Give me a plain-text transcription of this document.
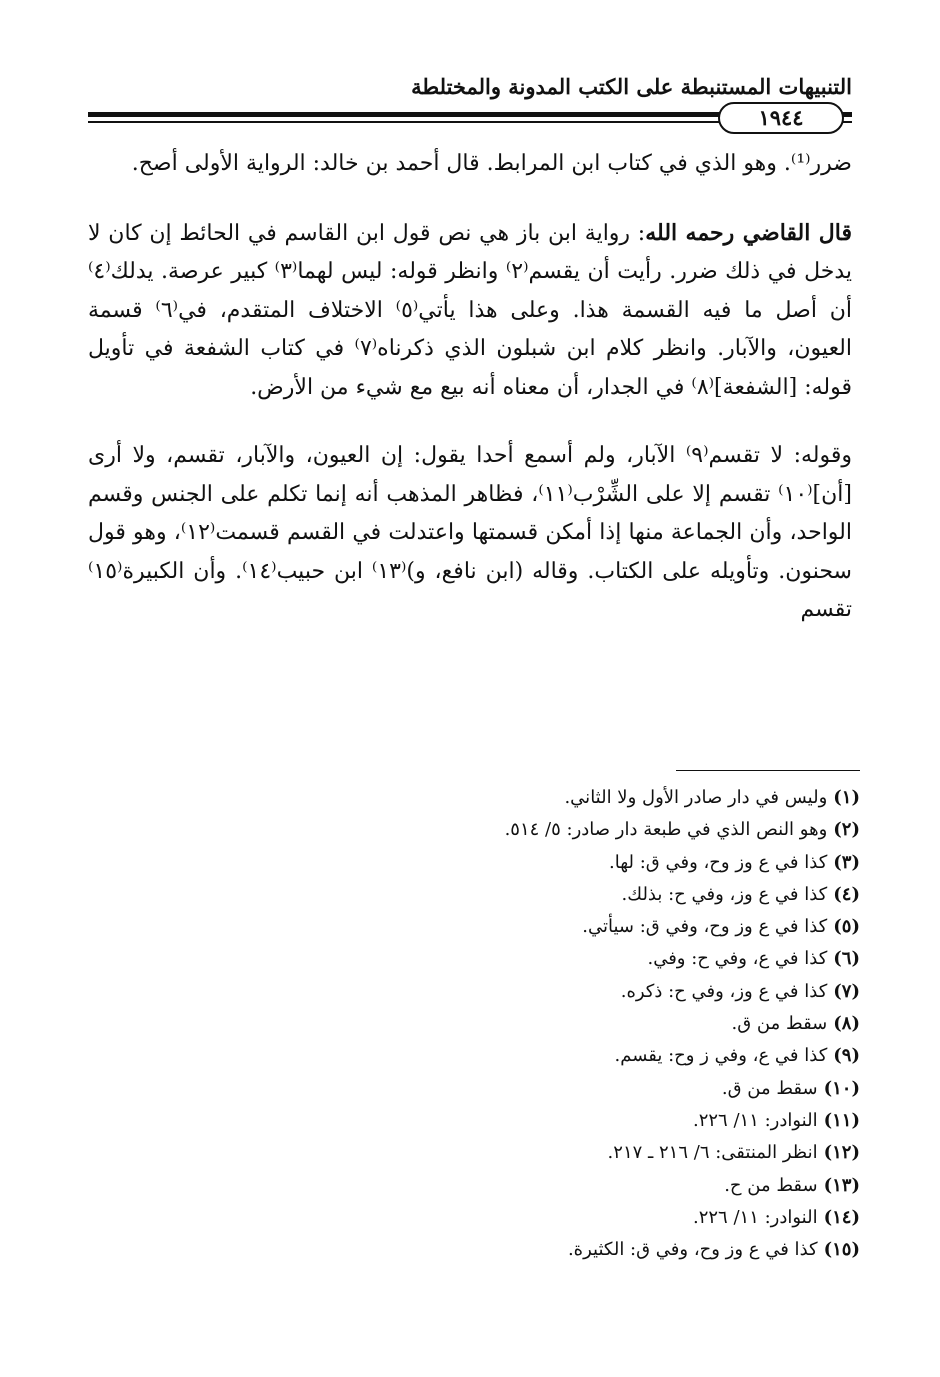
التنبيهات المستنبطة على الكتب المدونة والمختلطة
١٩٤٤

ضرر⁽¹⁾. وهو الذي في كتاب ابن المرابط. قال أحمد بن خالد: الرواية الأولى أصح.

قال القاضي رحمه الله: رواية ابن باز هي نص قول ابن القاسم في الحائط إن كان لا يدخل في ذلك ضرر. رأيت أن يقسم⁽٢⁾ وانظر قوله: ليس لهما⁽٣⁾ كبير عرصة. يدلك⁽٤⁾ أن أصل ما فيه القسمة هذا. وعلى هذا يأتي⁽٥⁾ الاختلاف المتقدم، في⁽٦⁾ قسمة العيون، والآبار. وانظر كلام ابن شبلون الذي ذكرناه⁽٧⁾ في كتاب الشفعة في تأويل قوله: [الشفعة]⁽٨⁾ في الجدار، أن معناه أنه بيع مع شيء من الأرض.

وقوله: لا تقسم⁽٩⁾ الآبار، ولم أسمع أحدا يقول: إن العيون، والآبار، تقسم، ولا أرى [أن]⁽١٠⁾ تقسم إلا على الشِّرْب⁽١١⁾، فظاهر المذهب أنه إنما تكلم على الجنس وقسم الواحد، وأن الجماعة منها إذا أمكن قسمتها واعتدلت في القسم قسمت⁽١٢⁾، وهو قول سحنون. وتأويله على الكتاب. وقاله (ابن نافع، و)⁽١٣⁾ ابن حبيب⁽١٤⁾. وأن الكبيرة⁽١٥⁾ تقسم

(١)وليس في دار صادر الأول ولا الثاني.
(٢)وهو النص الذي في طبعة دار صادر: ٥/ ٥١٤.
(٣)كذا في ع وز وح، وفي ق: لها.
(٤)كذا في ع وز، وفي ح: بذلك.
(٥)كذا في ع وز وح، وفي ق: سيأتي.
(٦)كذا في ع، وفي ح: وفي.
(٧)كذا في ع وز، وفي ح: ذكره.
(٨)سقط من ق.
(٩)كذا في ع، وفي ز وح: يقسم.
(١٠)سقط من ق.
(١١)النوادر: ١١/ ٢٢٦.
(١٢)انظر المنتقى: ٦/ ٢١٦ ـ ٢١٧.
(١٣)سقط من ح.
(١٤)النوادر: ١١/ ٢٢٦.
(١٥)كذا في ع وز وح، وفي ق: الكثيرة.
